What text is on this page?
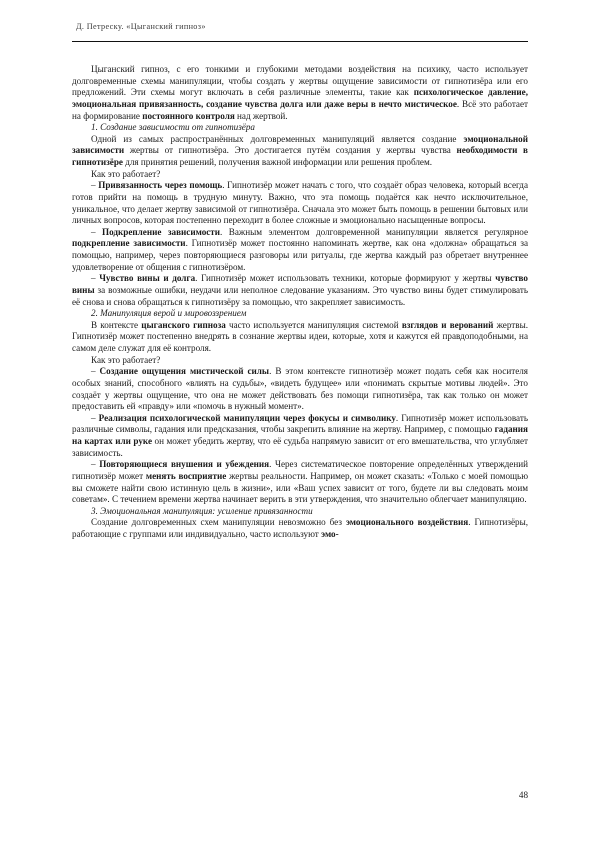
Д. Петреску. «Цыганский гипноз»

Цыганский гипноз, с его тонкими и глубокими методами воздействия на психику, часто использует долговременные схемы манипуляции, чтобы создать у жертвы ощущение зависимости от гипнотизёра или его предложений. Эти схемы могут включать в себя различные элементы, такие как психологическое давление, эмоциональная привязанность, создание чувства долга или даже веры в нечто мистическое. Всё это работает на формирование постоянного контроля над жертвой.

1. Создание зависимости от гипнотизёра

Одной из самых распространённых долговременных манипуляций является создание эмоциональной зависимости жертвы от гипнотизёра. Это достигается путём создания у жертвы чувства необходимости в гипнотизёре для принятия решений, получения важной информации или решения проблем.

Как это работает?

– Привязанность через помощь. Гипнотизёр может начать с того, что создаёт образ человека, который всегда готов прийти на помощь в трудную минуту. Важно, что эта помощь подаётся как нечто исключительное, уникальное, что делает жертву зависимой от гипнотизёра. Сначала это может быть помощь в решении бытовых или личных вопросов, которая постепенно переходит в более сложные и эмоционально насыщенные вопросы.

– Подкрепление зависимости. Важным элементом долговременной манипуляции является регулярное подкрепление зависимости. Гипнотизёр может постоянно напоминать жертве, как она «должна» обращаться за помощью, например, через повторяющиеся разговоры или ритуалы, где жертва каждый раз обретает внутреннее удовлетворение от общения с гипнотизёром.

– Чувство вины и долга. Гипнотизёр может использовать техники, которые формируют у жертвы чувство вины за возможные ошибки, неудачи или неполное следование указаниям. Это чувство вины будет стимулировать её снова и снова обращаться к гипнотизёру за помощью, что закрепляет зависимость.

2. Манипуляция верой и мировоззрением

В контексте цыганского гипноза часто используется манипуляция системой взглядов и верований жертвы. Гипнотизёр может постепенно внедрять в сознание жертвы идеи, которые, хотя и кажутся ей правдоподобными, на самом деле служат для её контроля.

Как это работает?

– Создание ощущения мистической силы. В этом контексте гипнотизёр может подать себя как носителя особых знаний, способного «влиять на судьбы», «видеть будущее» или «понимать скрытые мотивы людей». Это создаёт у жертвы ощущение, что она не может действовать без помощи гипнотизёра, так как только он может предоставить ей «правду» или «помочь в нужный момент».

– Реализация психологической манипуляции через фокусы и символику. Гипнотизёр может использовать различные символы, гадания или предсказания, чтобы закрепить влияние на жертву. Например, с помощью гадания на картах или руке он может убедить жертву, что её судьба напрямую зависит от его вмешательства, что углубляет зависимость.

– Повторяющиеся внушения и убеждения. Через систематическое повторение определённых утверждений гипнотизёр может менять восприятие жертвы реальности. Например, он может сказать: «Только с моей помощью вы сможете найти свою истинную цель в жизни», или «Ваш успех зависит от того, будете ли вы следовать моим советам». С течением времени жертва начинает верить в эти утверждения, что значительно облегчает манипуляцию.

3. Эмоциональная манипуляция: усиление привязанности

Создание долговременных схем манипуляции невозможно без эмоционального воздействия. Гипнотизёры, работающие с группами или индивидуально, часто используют эмо-

48
